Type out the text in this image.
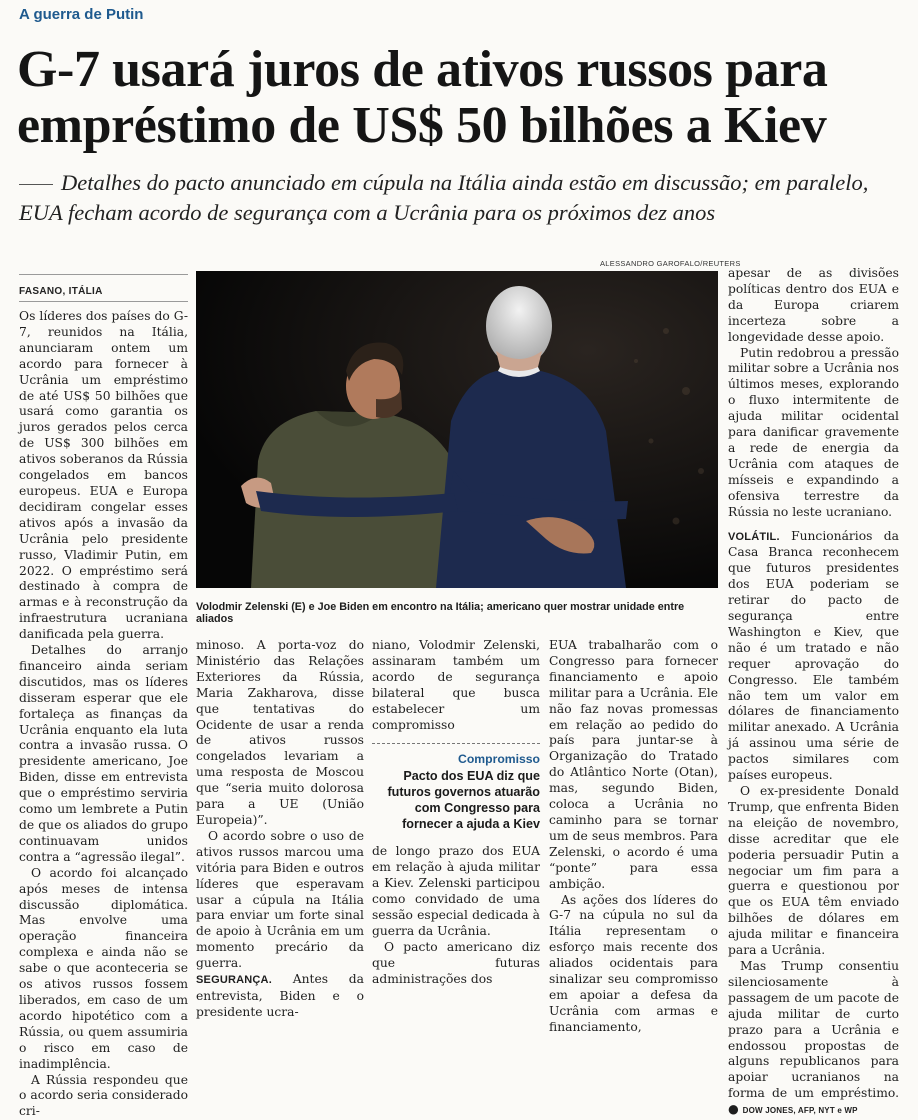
A guerra de Putin
G-7 usará juros de ativos russos para
empréstimo de US$ 50 bilhões a Kiev
Detalhes do pacto anunciado em cúpula na Itália ainda estão em discussão; em paralelo, EUA fecham acordo de segurança com a Ucrânia para os próximos dez anos
FASANO, ITÁLIA
ALESSANDRO GAROFALO/REUTERS
Volodmir Zelenski (E) e Joe Biden em encontro na Itália; americano quer mostrar unidade entre aliados

Os líderes dos países do G-7, reunidos na Itália, anunciaram ontem um acordo para fornecer à Ucrânia um empréstimo de até US$ 50 bilhões que usará como garantia os juros gerados pelos cerca de US$ 300 bilhões em ativos soberanos da Rússia congelados em bancos europeus. EUA e Europa decidiram congelar esses ativos após a invasão da Ucrânia pelo presidente russo, Vladimir Putin, em 2022. O empréstimo será destinado à compra de armas e à reconstrução da infraestrutura ucraniana danificada pela guerra.

Detalhes do arranjo financeiro ainda seriam discutidos, mas os líderes disseram esperar que ele fortaleça as finanças da Ucrânia enquanto ela luta contra a invasão russa. O presidente americano, Joe Biden, disse em entrevista que o empréstimo serviria como um lembrete a Putin de que os aliados do grupo continuavam unidos contra a “agressão ilegal”.

O acordo foi alcançado após meses de intensa discussão diplomática. Mas envolve uma operação financeira complexa e ainda não se sabe o que aconteceria se os ativos russos fossem liberados, em caso de um acordo hipotético com a Rússia, ou quem assumiria o risco em caso de inadimplência.

A Rússia respondeu que o acordo seria considerado cri-

minoso. A porta-voz do Ministério das Relações Exteriores da Rússia, Maria Zakharova, disse que tentativas do Ocidente de usar a renda de ativos russos congelados levariam a uma resposta de Moscou que “seria muito dolorosa para a UE (União Europeia)”.

O acordo sobre o uso de ativos russos marcou uma vitória para Biden e outros líderes que esperavam usar a cúpula na Itália para enviar um forte sinal de apoio à Ucrânia em um momento precário da guerra.

SEGURANÇA. Antes da entrevista, Biden e o presidente ucra-

niano, Volodmir Zelenski, assinaram também um acordo de segurança bilateral que busca estabelecer um compromisso

Compromisso
Pacto dos EUA diz que futuros governos atuarão com Congresso para fornecer a ajuda a Kiev

de longo prazo dos EUA em relação à ajuda militar a Kiev. Zelenski participou como convidado de uma sessão especial dedicada à guerra da Ucrânia.

O pacto americano diz que futuras administrações dos

EUA trabalharão com o Congresso para fornecer financiamento e apoio militar para a Ucrânia. Ele não faz novas promessas em relação ao pedido do país para juntar-se à Organização do Tratado do Atlântico Norte (Otan), mas, segundo Biden, coloca a Ucrânia no caminho para se tornar um de seus membros. Para Zelenski, o acordo é uma “ponte” para essa ambição.

As ações dos líderes do G-7 na cúpula no sul da Itália representam o esforço mais recente dos aliados ocidentais para sinalizar seu compromisso em apoiar a defesa da Ucrânia com armas e financiamento,

apesar de as divisões políticas dentro dos EUA e da Europa criarem incerteza sobre a longevidade desse apoio.

Putin redobrou a pressão militar sobre a Ucrânia nos últimos meses, explorando o fluxo intermitente de ajuda militar ocidental para danificar gravemente a rede de energia da Ucrânia com ataques de mísseis e expandindo a ofensiva terrestre da Rússia no leste ucraniano.

VOLÁTIL. Funcionários da Casa Branca reconhecem que futuros presidentes dos EUA poderiam se retirar do pacto de segurança entre Washington e Kiev, que não é um tratado e não requer aprovação do Congresso. Ele também não tem um valor em dólares de financiamento militar anexado. A Ucrânia já assinou uma série de pactos similares com países europeus.

O ex-presidente Donald Trump, que enfrenta Biden na eleição de novembro, disse acreditar que ele poderia persuadir Putin a negociar um fim para a guerra e questionou por que os EUA têm enviado bilhões de dólares em ajuda militar e financeira para a Ucrânia.

Mas Trump consentiu silenciosamente à passagem de um pacote de ajuda militar de curto prazo para a Ucrânia e endossou propostas de alguns republicanos para apoiar ucranianos na forma de um empréstimo. ● DOW JONES, AFP, NYT e WP
